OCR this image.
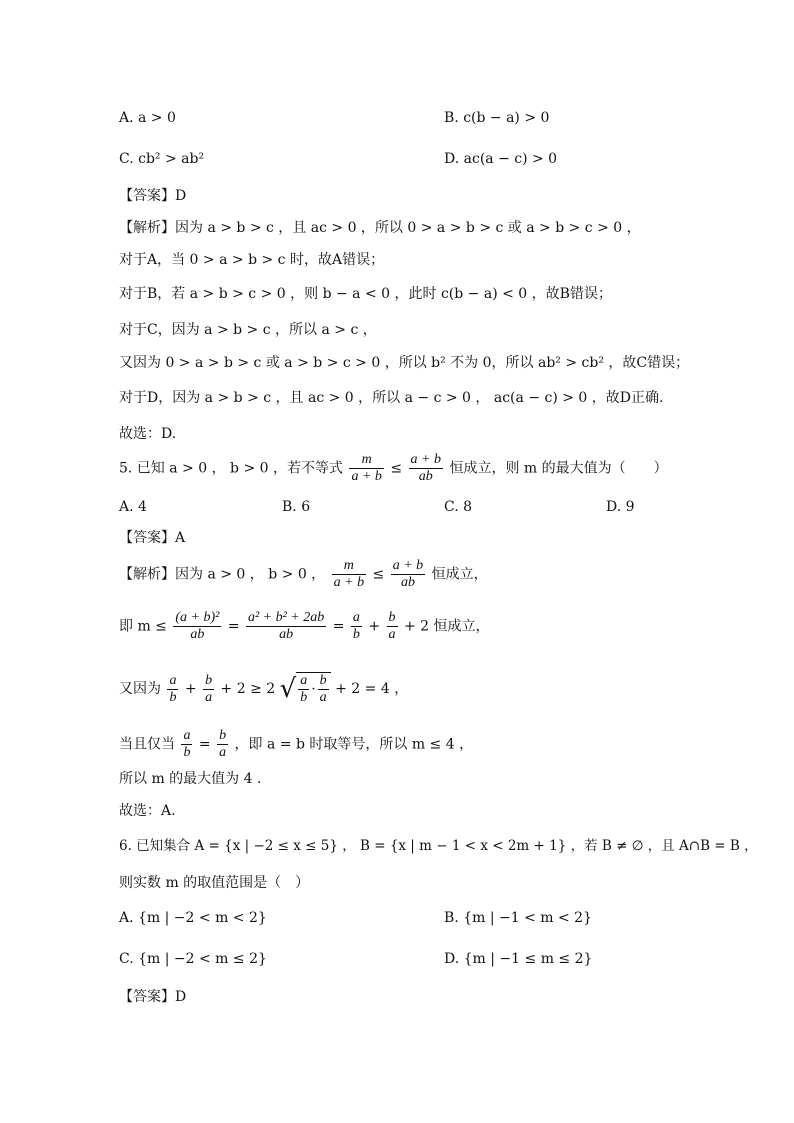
A. a > 0	B. c(b − a) > 0
C. cb² > ab²	D. ac(a − c) > 0
【答案】D
【解析】因为 a > b > c ，且 ac > 0 ，所以 0 > a > b > c 或 a > b > c > 0 ，
对于A，当 0 > a > b > c 时，故A错误；
对于B，若 a > b > c > 0 ，则 b − a < 0 ，此时 c(b − a) < 0 ，故B错误；
对于C，因为 a > b > c ，所以 a > c ，
又因为 0 > a > b > c 或 a > b > c > 0 ，所以 b² 不为 0，所以 ab² > cb² ，故C错误；
对于D，因为 a > b > c ，且 ac > 0 ，所以 a − c > 0 ， ac(a − c) > 0 ，故D正确.
故选：D.
5. 已知 a > 0 ， b > 0 ，若不等式 $\frac{m}{a + b} \le \frac{a + b}{ab}$ 恒成立，则 m 的最大值为（　　）
A. 4	B. 6	C. 8	D. 9
【答案】A
【解析】因为 a > 0 ， b > 0 ， $\frac{m}{a + b} \le \frac{a + b}{ab}$ 恒成立，
即 $m \le \frac{\text{(a + b)²}}{ab} = \frac{\text{a² + b² + 2ab}}{ab} = \frac{a}{b} + \frac{b}{a} + 2$ 恒成立，
又因为 $\frac{a}{b} + \frac{b}{a} + 2 \ge 2$ √ $\frac{a}{b} \cdot \frac{b}{a} + 2 = 4$ ，
当且仅当 $\frac{a}{b} = \frac{b}{a}$ ，即 a = b 时取等号，所以 m ≤ 4 ，
所以 m 的最大值为 4 .
故选：A.
6. 已知集合 A = {x | −2 ≤ x ≤ 5} ， B = {x | m − 1 < x < 2m + 1} ，若 B ≠ ∅ ，且 A∩B = B ，
则实数 m 的取值范围是（　）
A. {m | −2 < m < 2}	B. {m | −1 < m < 2}
C. {m | −2 < m ≤ 2}	D. {m | −1 ≤ m ≤ 2}
【答案】D
